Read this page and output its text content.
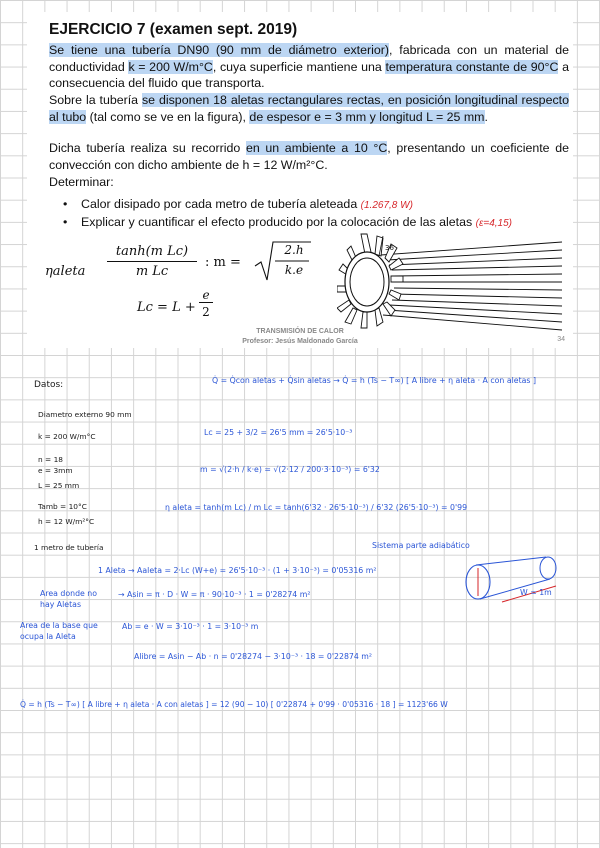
EJERCICIO 7 (examen sept. 2019)
Se tiene una tubería DN90 (90 mm de diámetro exterior), fabricada con un material de conductividad k = 200 W/m°C, cuya superficie mantiene una temperatura constante de 90°C a consecuencia del fluido que transporta.
Sobre la tubería se disponen 18 aletas rectangulares rectas, en posición longitudinal respecto al tubo (tal como se ve en la figura), de espesor e = 3 mm y longitud L = 25 mm.
Dicha tubería realiza su recorrido en un ambiente a 10 °C, presentando un coeficiente de convección con dicho ambiente de h = 12 W/m²°C.
Determinar:
• Calor disipado por cada metro de tubería aleteada (1.267,8 W)
• Explicar y cuantificar el efecto producido por la colocación de las aletas (ε=4,15)
ηaleta
tanh(m Lc)
m Lc
: m =
2.h
k.e
Lc = L +
e
2
36
TRANSMISIÓN DE CALOR
Profesor: Jesús Maldonado García	34
Datos:
Diametro externo 90 mm
k = 200 W/m°C
n = 18
e = 3mm
L = 25 mm
Tamb = 10°C
h = 12 W/m²°C
1 metro de tubería
Q̇ = Q̇con aletas + Q̇sin aletas → Q̇ = h (Ts − T∞) [ A libre + η aleta · A con aletas ]
Lc = 25 + 3/2 = 26'5 mm = 26'5·10⁻³
m = √(2·h / k·e) = √(2·12 / 200·3·10⁻³) = 6'32
η aleta = tanh(m Lc) / m Lc = tanh(6'32 · 26'5·10⁻³) / 6'32 (26'5·10⁻³) = 0'99
Sistema parte adiabático
W = 1m
1 Aleta → Aaleta = 2·Lc (W+e) = 26'5·10⁻³ · (1 + 3·10⁻³) = 0'05316 m²
Area donde no hay Aletas
→ Asin = π · D · W = π · 90·10⁻³ · 1 = 0'28274 m²
Area de la base que ocupa la Aleta
Ab = e · W = 3·10⁻³ · 1 = 3·10⁻³ m
Alibre = Asin − Ab · n = 0'28274 − 3·10⁻³ · 18 = 0'22874 m²
Q̇ = h (Ts − T∞) [ A libre + η aleta · A con aletas ] = 12 (90 − 10) [ 0'22874 + 0'99 · 0'05316 · 18 ] = 1123'66 W
